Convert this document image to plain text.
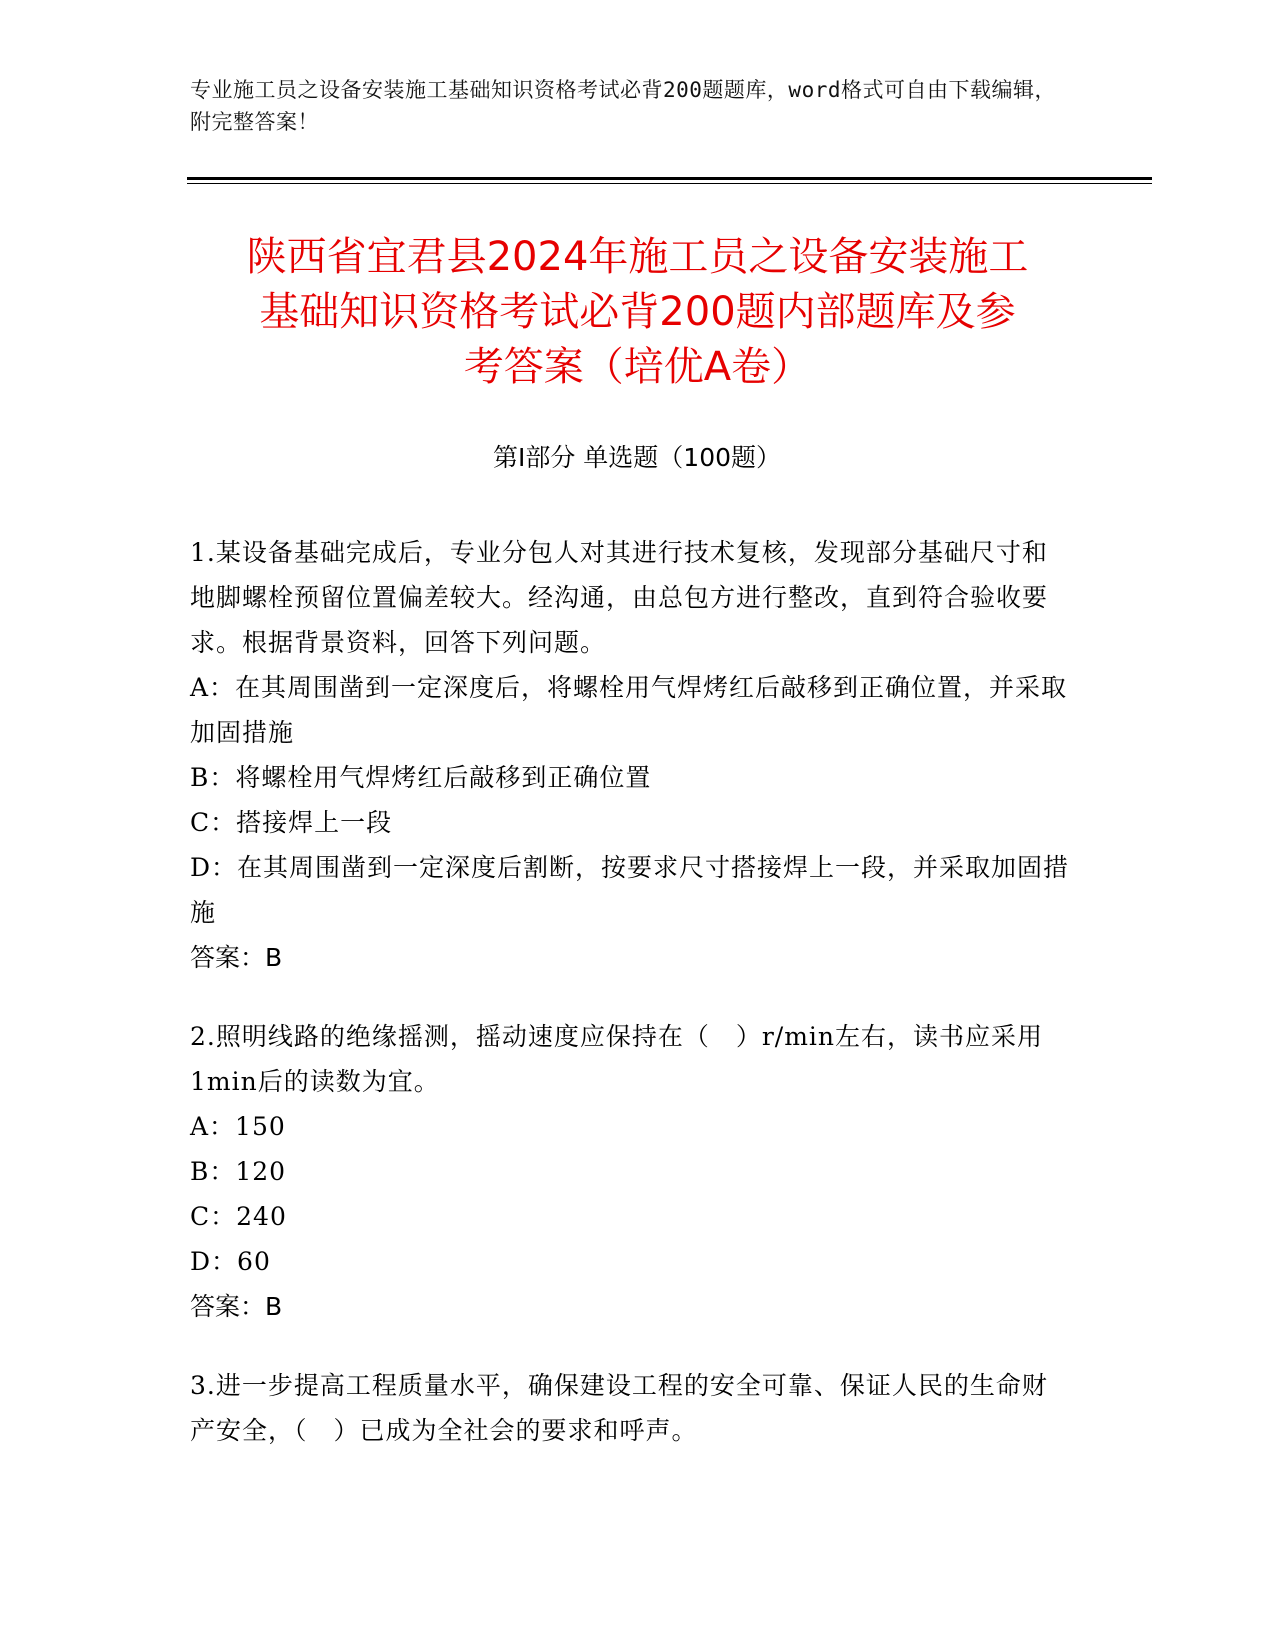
专业施工员之设备安装施工基础知识资格考试必背200题题库，word格式可自由下载编辑，附完整答案！
陕西省宜君县2024年施工员之设备安装施工
基础知识资格考试必背200题内部题库及参
考答案（培优A卷）
第Ⅰ部分 单选题（100题）

1.某设备基础完成后，专业分包人对其进行技术复核，发现部分基础尺寸和地脚螺栓预留位置偏差较大。经沟通，由总包方进行整改，直到符合验收要求。根据背景资料，回答下列问题。

A：在其周围凿到一定深度后，将螺栓用气焊烤红后敲移到正确位置，并采取加固措施

B：将螺栓用气焊烤红后敲移到正确位置

C：搭接焊上一段

D：在其周围凿到一定深度后割断，按要求尺寸搭接焊上一段，并采取加固措施

答案：B

2.照明线路的绝缘摇测，摇动速度应保持在（　）r/min左右，读书应采用1min后的读数为宜。

A：150

B：120

C：240

D：60

答案：B

3.进一步提高工程质量水平，确保建设工程的安全可靠、保证人民的生命财产安全，（　）已成为全社会的要求和呼声。
